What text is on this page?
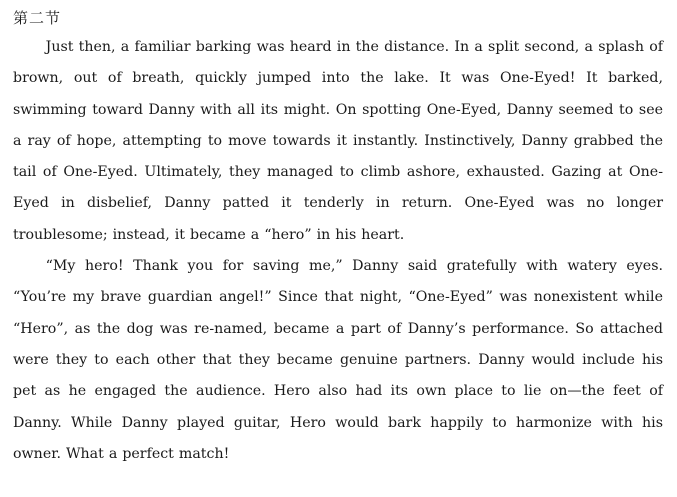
第二节

Just then, a familiar barking was heard in the distance. In a split second, a splash of brown, out of breath, quickly jumped into the lake. It was One-Eyed! It barked, swimming toward Danny with all its might. On spotting One-Eyed, Danny seemed to see a ray of hope, attempting to move towards it instantly. Instinctively, Danny grabbed the tail of One-Eyed. Ultimately, they managed to climb ashore, exhausted. Gazing at One-Eyed in disbelief, Danny patted it tenderly in return. One-Eyed was no longer troublesome; instead, it became a “hero” in his heart.

“My hero! Thank you for saving me,” Danny said gratefully with watery eyes. “You’re my brave guardian angel!” Since that night, “One-Eyed” was nonexistent while “Hero”, as the dog was re-named, became a part of Danny’s performance. So attached were they to each other that they became genuine partners. Danny would include his pet as he engaged the audience. Hero also had its own place to lie on—the feet of Danny. While Danny played guitar, Hero would bark happily to harmonize with his owner. What a perfect match!
